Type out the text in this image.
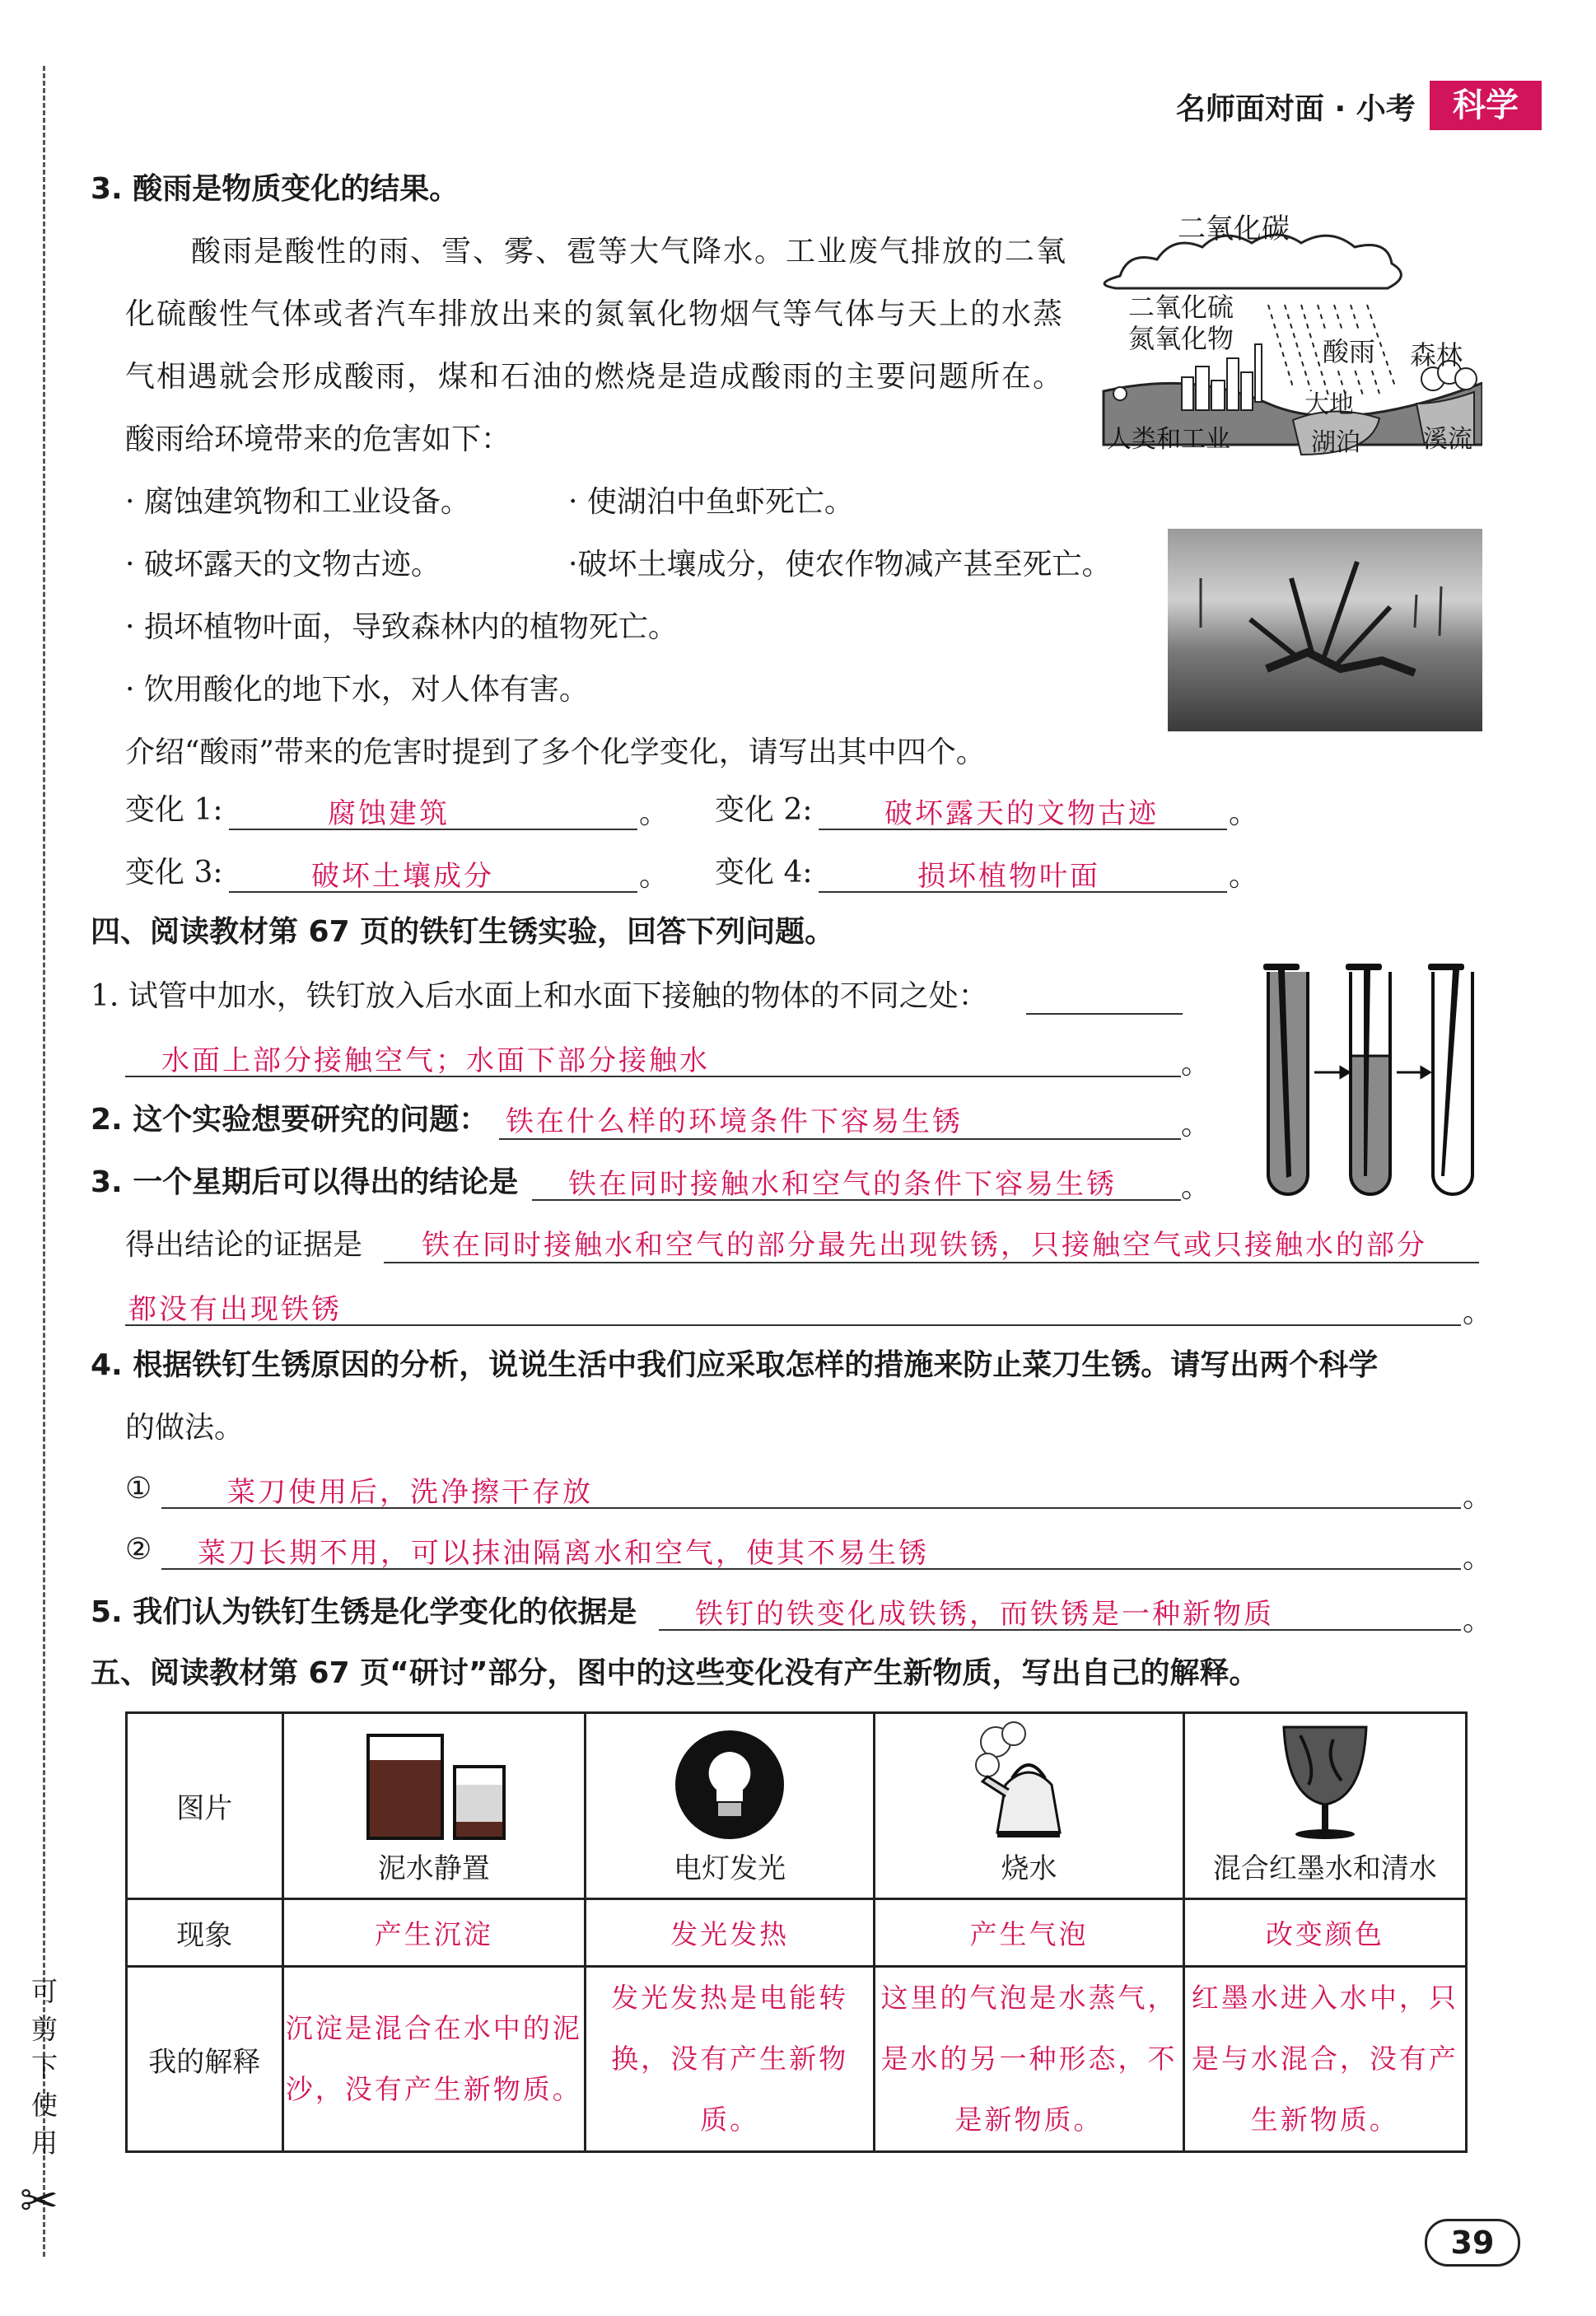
可
剪
下
使
用
✂
名师面对面 · 小考	科学
3. 酸雨是物质变化的结果。
酸雨是酸性的雨、雪、雾、雹等大气降水。工业废气排放的二氧
化硫酸性气体或者汽车排放出来的氮氧化物烟气等气体与天上的水蒸
气相遇就会形成酸雨，煤和石油的燃烧是造成酸雨的主要问题所在。
酸雨给环境带来的危害如下：
· 腐蚀建筑物和工业设备。	· 使湖泊中鱼虾死亡。
· 破坏露天的文物古迹。	·破坏土壤成分，使农作物减产甚至死亡。
· 损坏植物叶面，导致森林内的植物死亡。
· 饮用酸化的地下水，对人体有害。
介绍“酸雨”带来的危害时提到了多个化学变化，请写出其中四个。
变化 1:	腐蚀建筑	。 变化 2:	破坏露天的文物古迹 。
变化 3:	破坏土壤成分	。 变化 4:	损坏植物叶面	。
二氧化碳
二氧化硫
氮氧化物	酸雨 森林
人类和工业
大地
湖泊	溪流
四、阅读教材第 67 页的铁钉生锈实验，回答下列问题。
1. 试管中加水，铁钉放入后水面上和水面下接触的物体的不同之处：
水面上部分接触空气；水面下部分接触水	。
2. 这个实验想要研究的问题： 铁在什么样的环境条件下容易生锈	。
3. 一个星期后可以得出的结论是 铁在同时接触水和空气的条件下容易生锈 。
得出结论的证据是 铁在同时接触水和空气的部分最先出现铁锈，只接触空气或只接触水的部分
都没有出现铁锈	。
4. 根据铁钉生锈原因的分析，说说生活中我们应采取怎样的措施来防止菜刀生锈。请写出两个科学
的做法。
①	菜刀使用后，洗净擦干存放	。
② 菜刀长期不用，可以抹油隔离水和空气，使其不易生锈	。
5. 我们认为铁钉生锈是化学变化的依据是 铁钉的铁变化成铁锈，而铁锈是一种新物质	。
五、阅读教材第 67 页“研讨”部分，图中的这些变化没有产生新物质，写出自己的解释。
图片	泥水静置	电灯发光	烧水	混合红墨水和清水

现象	产生沉淀	发光发热	产生气泡	改变颜色
我的解释	沉淀是混合在水中的泥沙，没有产生新物质。	发光发热是电能转换，没有产生新物质。	这里的气泡是水蒸气，是水的另一种形态，不是新物质。	红墨水进入水中，只是与水混合，没有产生新物质。
39
